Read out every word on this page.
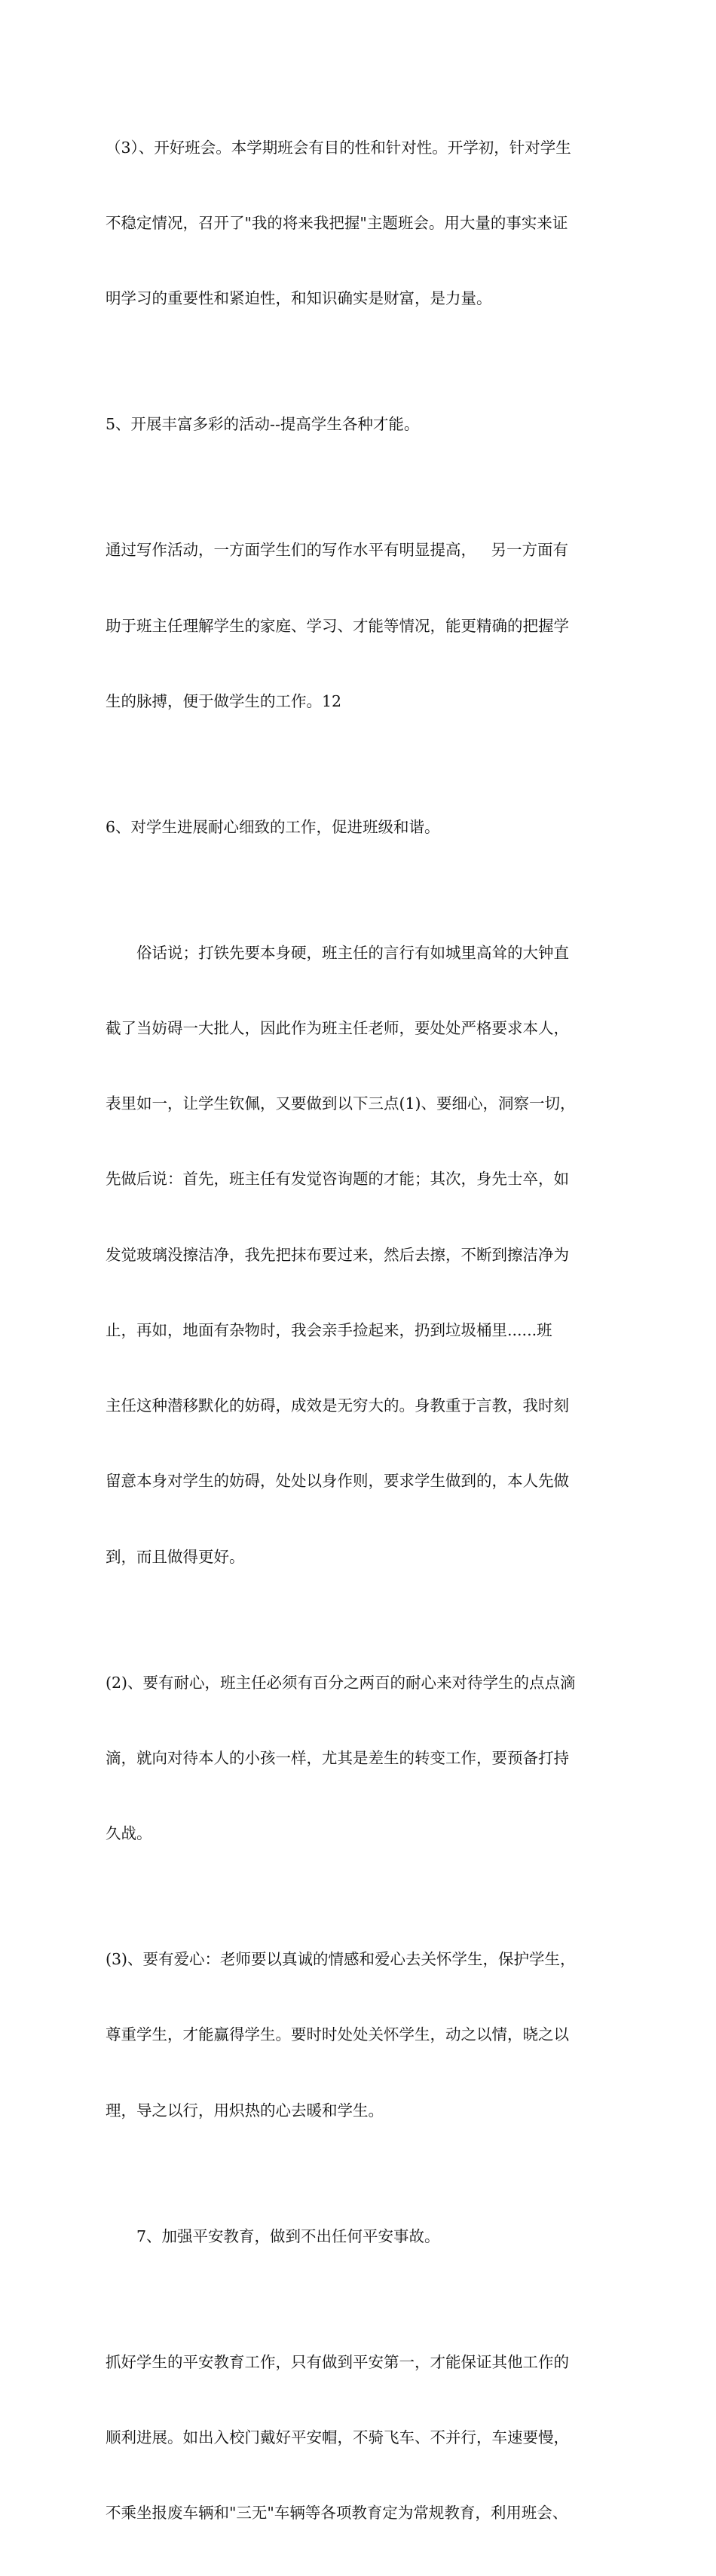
（3）、开好班会。本学期班会有目的性和针对性。开学初，针对学生

不稳定情况，召开了"我的将来我把握"主题班会。用大量的事实来证

明学习的重要性和紧迫性，和知识确实是财富，是力量。

5、开展丰富多彩的活动--提高学生各种才能。

通过写作活动，一方面学生们的写作水平有明显提高，   另一方面有

助于班主任理解学生的家庭、学习、才能等情况，能更精确的把握学

生的脉搏，便于做学生的工作。12

6、对学生进展耐心细致的工作，促进班级和谐。

俗话说；打铁先要本身硬，班主任的言行有如城里高耸的大钟直

截了当妨碍一大批人，因此作为班主任老师，要处处严格要求本人，

表里如一，让学生钦佩，又要做到以下三点(1)、要细心，洞察一切，

先做后说：首先，班主任有发觉咨询题的才能；其次，身先士卒，如

发觉玻璃没擦洁净，我先把抹布要过来，然后去擦，不断到擦洁净为

止，再如，地面有杂物时，我会亲手捡起来，扔到垃圾桶里......班

主任这种潜移默化的妨碍，成效是无穷大的。身教重于言教，我时刻

留意本身对学生的妨碍，处处以身作则，要求学生做到的，本人先做

到，而且做得更好。

(2)、要有耐心，班主任必须有百分之两百的耐心来对待学生的点点滴

滴，就向对待本人的小孩一样，尤其是差生的转变工作，要预备打持

久战。

(3)、要有爱心：老师要以真诚的情感和爱心去关怀学生，保护学生，

尊重学生，才能赢得学生。要时时处处关怀学生，动之以情，晓之以

理，导之以行，用炽热的心去暖和学生。

7、加强平安教育，做到不出任何平安事故。

抓好学生的平安教育工作，只有做到平安第一，才能保证其他工作的

顺利进展。如出入校门戴好平安帽，不骑飞车、不并行，车速要慢，

不乘坐报废车辆和"三无"车辆等各项教育定为常规教育，利用班会、
